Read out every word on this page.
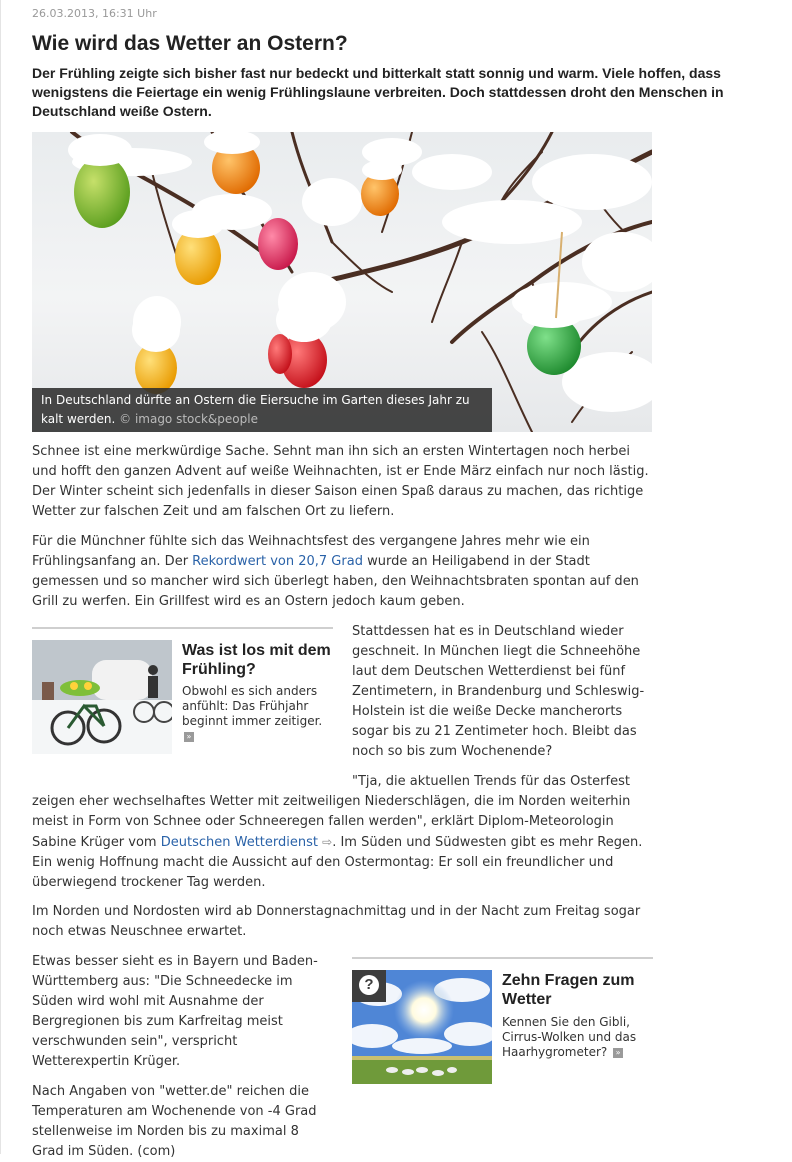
26.03.2013, 16:31 Uhr
Wie wird das Wetter an Ostern?

Der Frühling zeigte sich bisher fast nur bedeckt und bitterkalt statt sonnig und warm. Viele hoffen, dass wenigstens die Feiertage ein wenig Frühlingslaune verbreiten. Doch stattdessen droht den Menschen in Deutschland weiße Ostern.

In Deutschland dürfte an Ostern die Eiersuche im Garten dieses Jahr zu kalt werden. © imago stock&people

Schnee ist eine merkwürdige Sache. Sehnt man ihn sich an ersten Wintertagen noch herbei und hofft den ganzen Advent auf weiße Weihnachten, ist er Ende März einfach nur noch lästig. Der Winter scheint sich jedenfalls in dieser Saison einen Spaß daraus zu machen, das richtige Wetter zur falschen Zeit und am falschen Ort zu liefern.

Für die Münchner fühlte sich das Weihnachtsfest des vergangene Jahres mehr wie ein Frühlingsanfang an. Der Rekordwert von 20,7 Grad wurde an Heiligabend in der Stadt gemessen und so mancher wird sich überlegt haben, den Weihnachtsbraten spontan auf den Grill zu werfen. Ein Grillfest wird es an Ostern jedoch kaum geben.

Was ist los mit dem Frühling?

Obwohl es sich anders anfühlt: Das Frühjahr beginnt immer zeitiger. »

Stattdessen hat es in Deutschland wieder geschneit. In München liegt die Schneehöhe laut dem Deutschen Wetterdienst bei fünf Zentimetern, in Brandenburg und Schleswig-Holstein ist die weiße Decke mancherorts sogar bis zu 21 Zentimeter hoch. Bleibt das noch so bis zum Wochenende?

"Tja, die aktuellen Trends für das Osterfest zeigen eher wechselhaftes Wetter mit zeitweiligen Niederschlägen, die im Norden weiterhin meist in Form von Schnee oder Schneeregen fallen werden", erklärt Diplom-Meteorologin Sabine Krüger vom Deutschen Wetterdienst ⇨. Im Süden und Südwesten gibt es mehr Regen. Ein wenig Hoffnung macht die Aussicht auf den Ostermontag: Er soll ein freundlicher und überwiegend trockener Tag werden.

Im Norden und Nordosten wird ab Donnerstagnachmittag und in der Nacht zum Freitag sogar noch etwas Neuschnee erwartet.

Etwas besser sieht es in Bayern und Baden-Württemberg aus: "Die Schneedecke im Süden wird wohl mit Ausnahme der Bergregionen bis zum Karfreitag meist verschwunden sein", verspricht Wetterexpertin Krüger.

Nach Angaben von "wetter.de" reichen die Temperaturen am Wochenende von -4 Grad stellenweise im Norden bis zu maximal 8 Grad im Süden. (com)

?	Zehn Fragen zum Wetter

Kennen Sie den Gibli, Cirrus-Wolken und das Haarhygrometer? »
